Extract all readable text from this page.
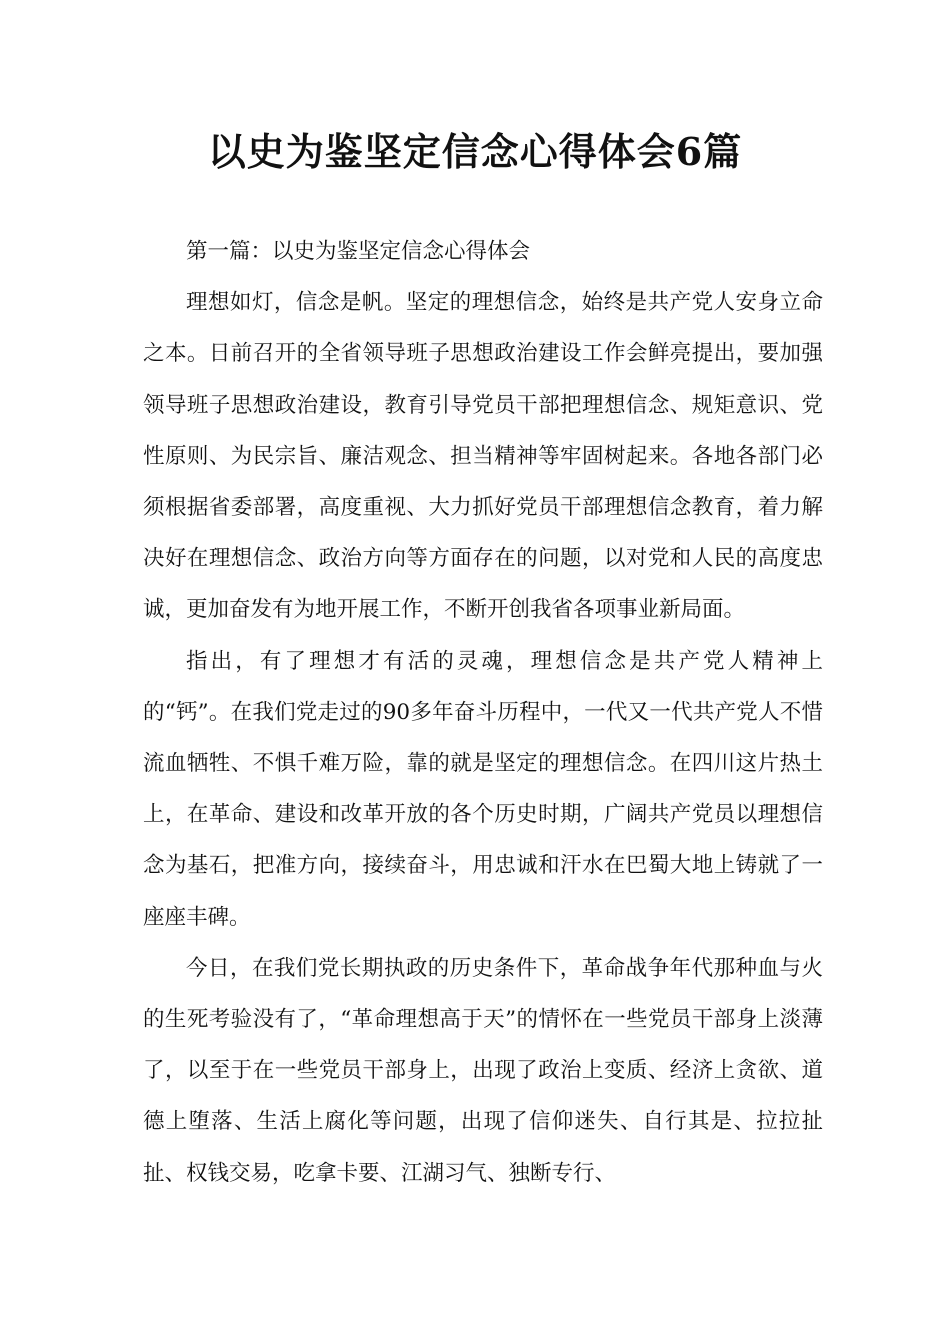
以史为鉴坚定信念心得体会6篇

第一篇：以史为鉴坚定信念心得体会

理想如灯，信念是帆。坚定的理想信念，始终是共产党人安身立命之本。日前召开的全省领导班子思想政治建设工作会鲜亮提出，要加强领导班子思想政治建设，教育引导党员干部把理想信念、规矩意识、党性原则、为民宗旨、廉洁观念、担当精神等牢固树起来。各地各部门必须根据省委部署，高度重视、大力抓好党员干部理想信念教育，着力解决好在理想信念、政治方向等方面存在的问题，以对党和人民的高度忠诚，更加奋发有为地开展工作，不断开创我省各项事业新局面。

指出，有了理想才有活的灵魂，理想信念是共产党人精神上的“钙”。在我们党走过的90多年奋斗历程中，一代又一代共产党人不惜流血牺牲、不惧千难万险，靠的就是坚定的理想信念。在四川这片热土上，在革命、建设和改革开放的各个历史时期，广阔共产党员以理想信念为基石，把准方向，接续奋斗，用忠诚和汗水在巴蜀大地上铸就了一座座丰碑。

今日，在我们党长期执政的历史条件下，革命战争年代那种血与火的生死考验没有了，“革命理想高于天”的情怀在一些党员干部身上淡薄了，以至于在一些党员干部身上，出现了政治上变质、经济上贪欲、道德上堕落、生活上腐化等问题，出现了信仰迷失、自行其是、拉拉扯扯、权钱交易，吃拿卡要、江湖习气、独断专行、
